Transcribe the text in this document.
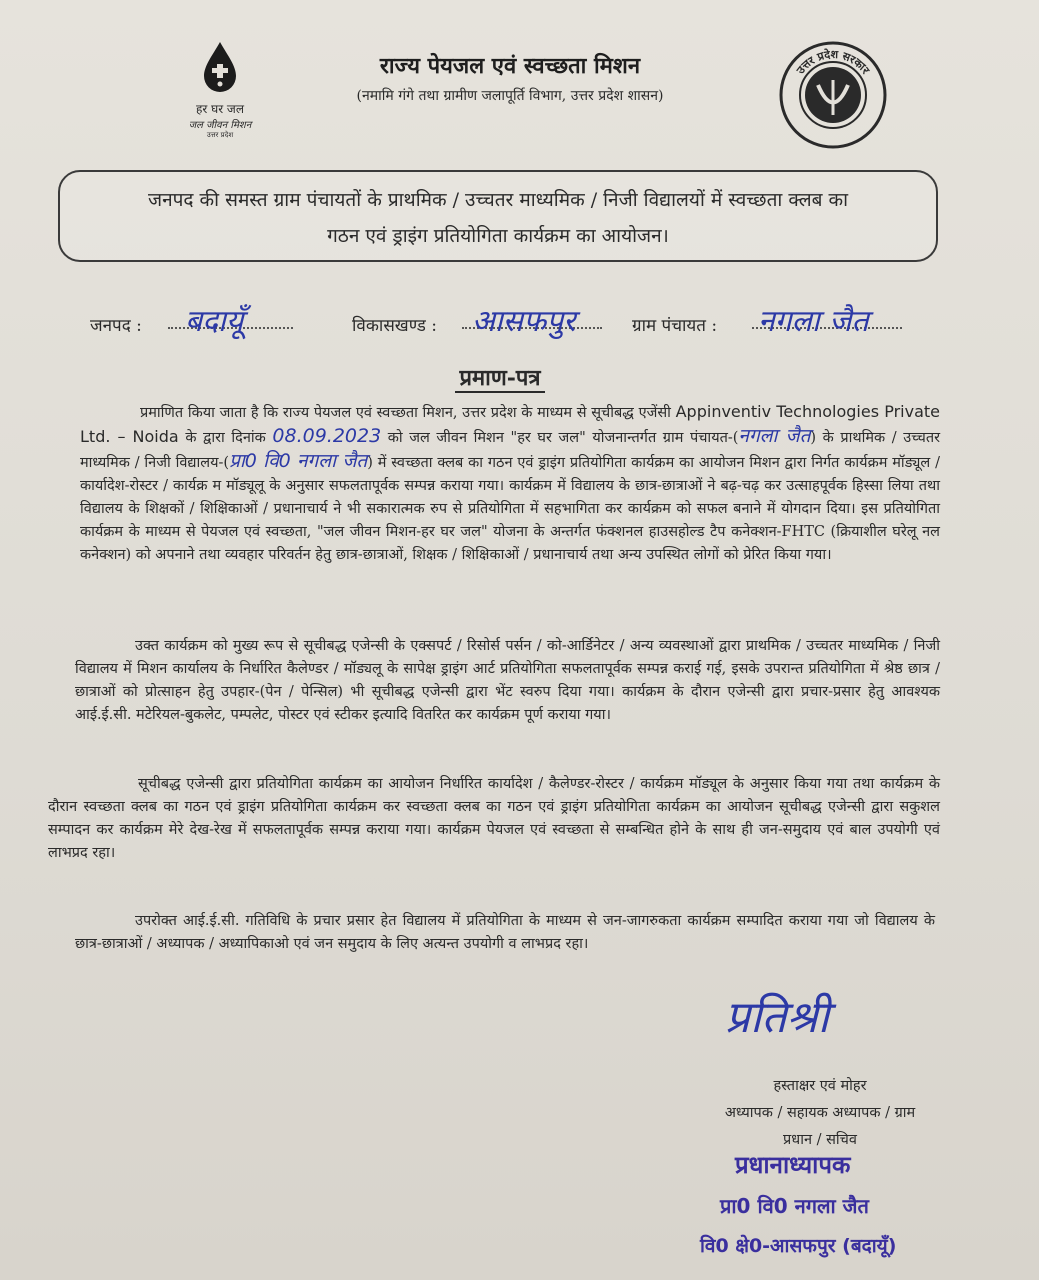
हर घर जल
जल जीवन मिशन
उत्तर प्रदेश
राज्य पेयजल एवं स्वच्छता मिशन
(नमामि गंगे तथा ग्रामीण जलापूर्ति विभाग, उत्तर प्रदेश शासन)
उत्तर प्रदेश सरकार
जनपद की समस्त ग्राम पंचायतों के प्राथमिक / उच्चतर माध्यमिक / निजी विद्यालयों में स्वच्छता क्लब का
गठन एवं ड्राइंग प्रतियोगिता कार्यक्रम का आयोजन।
जनपद : बदायूँ	विकासखण्ड : आसफपुर	ग्राम पंचायत : नगला जैत
प्रमाण-पत्र
प्रमाणित किया जाता है कि राज्य पेयजल एवं स्वच्छता मिशन, उत्तर प्रदेश के माध्यम से सूचीबद्ध एजेंसी Appinventiv Technologies Private Ltd. – Noida के द्वारा दिनांक 08.09.2023 को जल जीवन मिशन "हर घर जल" योजनान्तर्गत ग्राम पंचायत-(नगला जैत) के प्राथमिक / उच्चतर माध्यमिक / निजी विद्यालय-(प्रा0 वि0 नगला जैत) में स्वच्छता क्लब का गठन एवं ड्राइंग प्रतियोगिता कार्यक्रम का आयोजन मिशन द्वारा निर्गत कार्यक्रम मॉड्यूल / कार्यादेश-रोस्टर / कार्यक्र म मॉड्यूलू के अनुसार सफलतापूर्वक सम्पन्न कराया गया। कार्यक्रम में विद्यालय के छात्र-छात्राओं ने बढ़-चढ़ कर उत्साहपूर्वक हिस्सा लिया तथा विद्यालय के शिक्षकों / शिक्षिकाओं / प्रधानाचार्य ने भी सकारात्मक रुप से प्रतियोगिता में सहभागिता कर कार्यक्रम को सफल बनाने में योगदान दिया। इस प्रतियोगिता कार्यक्रम के माध्यम से पेयजल एवं स्वच्छता, "जल जीवन मिशन-हर घर जल" योजना के अन्तर्गत फंक्शनल हाउसहोल्ड टैप कनेक्शन-FHTC (क्रियाशील घरेलू नल कनेक्शन) को अपनाने तथा व्यवहार परिवर्तन हेतु छात्र-छात्राओं, शिक्षक / शिक्षिकाओं / प्रधानाचार्य तथा अन्य उपस्थित लोगों को प्रेरित किया गया।
उक्त कार्यक्रम को मुख्य रूप से सूचीबद्ध एजेन्सी के एक्सपर्ट / रिसोर्स पर्सन / को-आर्डिनेटर / अन्य व्यवस्थाओं द्वारा प्राथमिक / उच्चतर माध्यमिक / निजी विद्यालय में मिशन कार्यालय के निर्धारित कैलेण्डर / मॉड्यलू के सापेक्ष ड्राइंग आर्ट प्रतियोगिता सफलतापूर्वक सम्पन्न कराई गई, इसके उपरान्त प्रतियोगिता में श्रेष्ठ छात्र / छात्राओं को प्रोत्साहन हेतु उपहार-(पेन / पेन्सिल) भी सूचीबद्ध एजेन्सी द्वारा भेंट स्वरुप दिया गया। कार्यक्रम के दौरान एजेन्सी द्वारा प्रचार-प्रसार हेतु आवश्यक आई.ई.सी. मटेरियल-बुकलेट, पम्पलेट, पोस्टर एवं स्टीकर इत्यादि वितरित कर कार्यक्रम पूर्ण कराया गया।
सूचीबद्ध एजेन्सी द्वारा प्रतियोगिता कार्यक्रम का आयोजन निर्धारित कार्यादेश / कैलेण्डर-रोस्टर / कार्यक्रम मॉड्यूल के अनुसार किया गया तथा कार्यक्रम के दौरान स्वच्छता क्लब का गठन एवं ड्राइंग प्रतियोगिता कार्यक्रम कर स्वच्छता क्लब का गठन एवं ड्राइंग प्रतियोगिता कार्यक्रम का आयोजन सूचीबद्ध एजेन्सी द्वारा सकुशल सम्पादन कर कार्यक्रम मेरे देख-रेख में सफलतापूर्वक सम्पन्न कराया गया। कार्यक्रम पेयजल एवं स्वच्छता से सम्बन्धित होने के साथ ही जन-समुदाय एवं बाल उपयोगी एवं लाभप्रद रहा।
उपरोक्त आई.ई.सी. गतिविधि के प्रचार प्रसार हेत विद्यालय में प्रतियोगिता के माध्यम से जन-जागरुकता कार्यक्रम सम्पादित कराया गया जो विद्यालय के छात्र-छात्राओं / अध्यापक / अध्यापिकाओ एवं जन समुदाय के लिए अत्यन्त उपयोगी व लाभप्रद रहा।
प्रतिश्री
हस्ताक्षर एवं मोहर
अध्यापक / सहायक अध्यापक / ग्राम
प्रधान / सचिव
प्रधानाध्यापक
प्रा0 वि0 नगला जैत
वि0 क्षे0-आसफपुर (बदायूँ)
